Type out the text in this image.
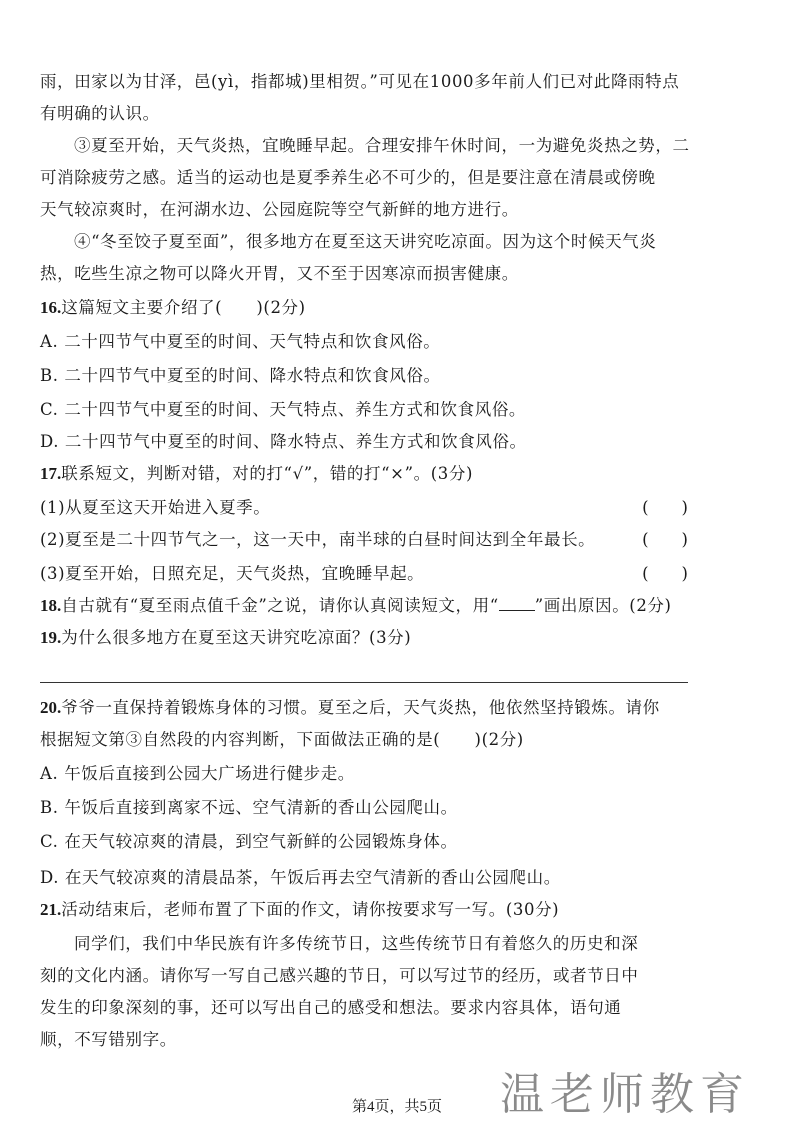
雨，田家以为甘泽，邑(yì，指都城)里相贺。”可见在1000多年前人们已对此降雨特点
有明确的认识。
③夏至开始，天气炎热，宜晚睡早起。合理安排午休时间，一为避免炎热之势，二
可消除疲劳之感。适当的运动也是夏季养生必不可少的，但是要注意在清晨或傍晚
天气较凉爽时，在河湖水边、公园庭院等空气新鲜的地方进行。
④“冬至饺子夏至面”，很多地方在夏至这天讲究吃凉面。因为这个时候天气炎
热，吃些生凉之物可以降火开胃，又不至于因寒凉而损害健康。
16.这篇短文主要介绍了(　　)(2分)
A. 二十四节气中夏至的时间、天气特点和饮食风俗。
B. 二十四节气中夏至的时间、降水特点和饮食风俗。
C. 二十四节气中夏至的时间、天气特点、养生方式和饮食风俗。
D. 二十四节气中夏至的时间、降水特点、养生方式和饮食风俗。
17.联系短文，判断对错，对的打“√”，错的打“×”。(3分)
(1)从夏至这天开始进入夏季。	(　　)
(2)夏至是二十四节气之一，这一天中，南半球的白昼时间达到全年最长。	(　　)
(3)夏至开始，日照充足，天气炎热，宜晚睡早起。	(　　)
18.自古就有“夏至雨点值千金”之说，请你认真阅读短文，用“ ”画出原因。(2分)
19.为什么很多地方在夏至这天讲究吃凉面？(3分)
20.爷爷一直保持着锻炼身体的习惯。夏至之后，天气炎热，他依然坚持锻炼。请你
根据短文第③自然段的内容判断，下面做法正确的是(　　)(2分)
A. 午饭后直接到公园大广场进行健步走。
B. 午饭后直接到离家不远、空气清新的香山公园爬山。
C. 在天气较凉爽的清晨，到空气新鲜的公园锻炼身体。
D. 在天气较凉爽的清晨品茶，午饭后再去空气清新的香山公园爬山。
21.活动结束后，老师布置了下面的作文，请你按要求写一写。(30分)
同学们，我们中华民族有许多传统节日，这些传统节日有着悠久的历史和深
刻的文化内涵。请你写一写自己感兴趣的节日，可以写过节的经历，或者节日中
发生的印象深刻的事，还可以写出自己的感受和想法。要求内容具体，语句通
顺，不写错别字。
第4页，共5页	温老师教育
